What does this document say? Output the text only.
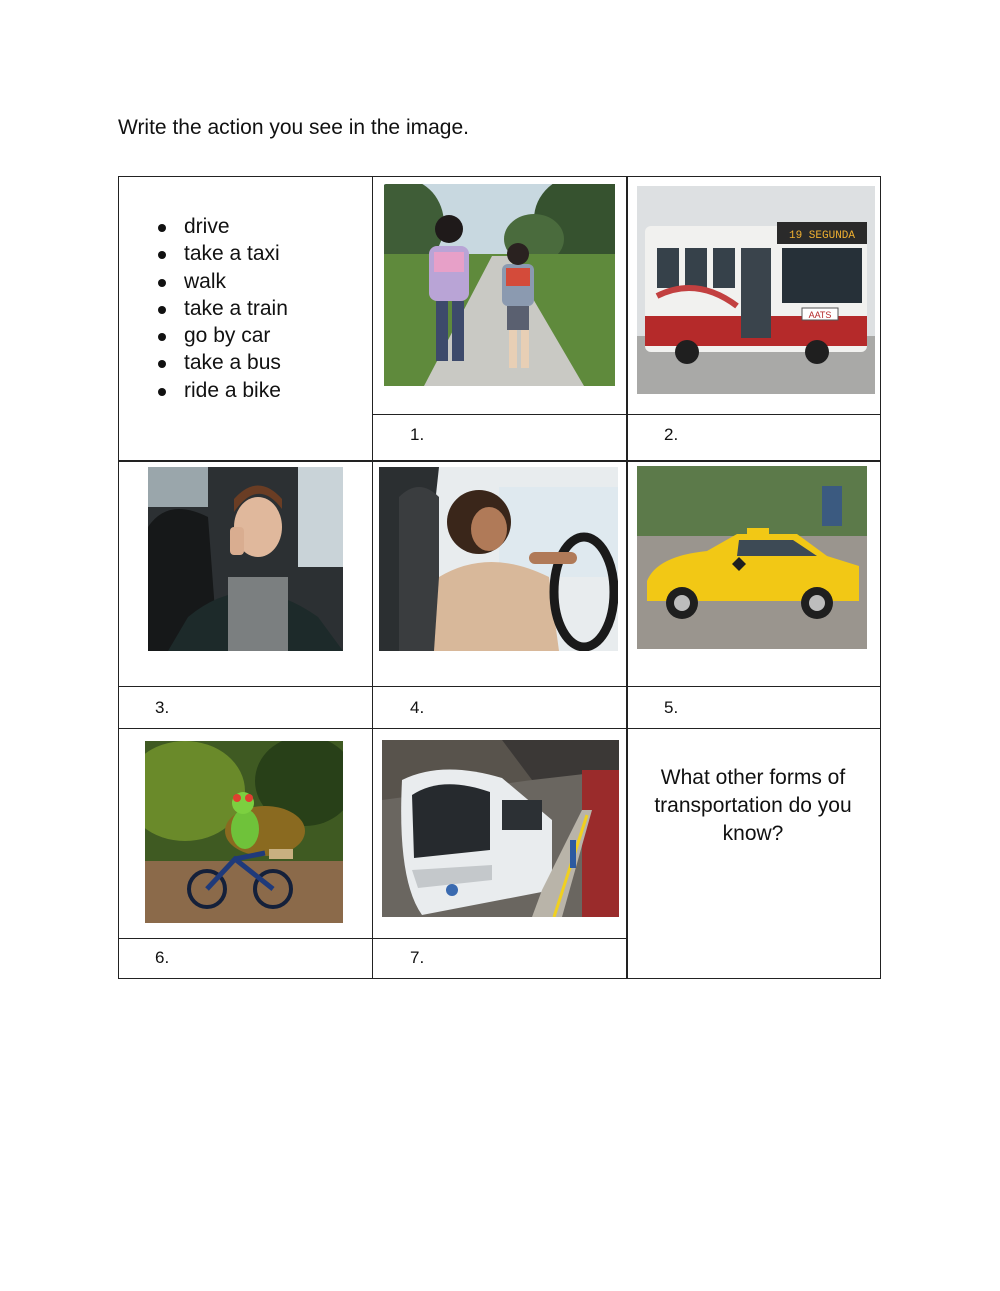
Write the action you see in the image.
drive
take a taxi
walk
take a train
go by car
take a bus
ride a bike
19 SEGUNDA
AATS
1.	2.
3.	4.	5.
6.	7.

What other forms of transportation do you know?
